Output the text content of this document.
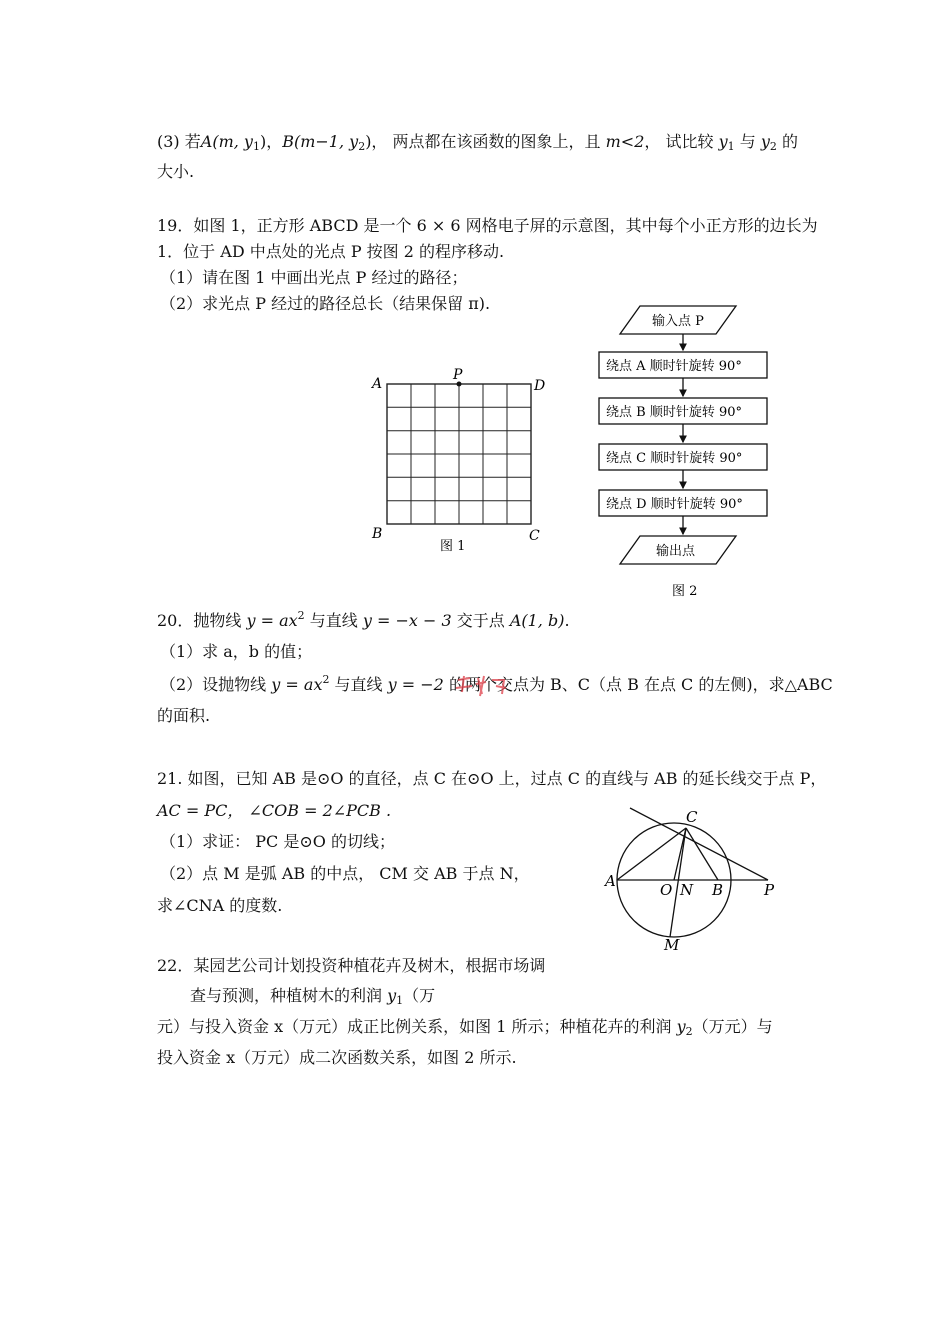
(3) 若A(m, $y_1$)，B(m−1, $y_2$)， 两点都在该函数的图象上，且 m<2， 试比较 $y_1$ 与 $y_2$ 的
大小.
19．如图 1，正方形 ABCD 是一个 6 × 6 网格电子屏的示意图，其中每个小正方形的边长为
1．位于 AD 中点处的光点 P 按图 2 的程序移动.
（1）请在图 1 中画出光点 P 经过的路径；
（2）求光点 P 经过的路径总长（结果保留 π).
A	D
P
B	C
图 1
输入点 P
绕点 A 顺时针旋转 90°
绕点 B 顺时针旋转 90°
绕点 C 顺时针旋转 90°
绕点 D 顺时针旋转 90°
输出点
图 2
20．抛物线 $y = ax^2$ 与直线 y = −x − 3 交于点 A(1, b).
（1）求 a，b 的值；
（2）设抛物线 $y = ax^2$ 与直线 y = −2 的两个交点为 B、C（点 B 在点 C 的左侧)，求△ABC
的面积.
21. 如图，已知 AB 是⊙O 的直径，点 C 在⊙O 上，过点 C 的直线与 AB 的延长线交于点 P，
AC = PC， ∠COB = 2∠PCB .
（1）求证： PC 是⊙O 的切线；
（2）点 M 是弧 AB 的中点， CM 交 AB 于点 N，
求∠CNA 的度数.
A	O N B	P
C
M
22．某园艺公司计划投资种植花卉及树木，根据市场调
查与预测，种植树木的利润 $y_1$（万
元）与投入资金 x（万元）成正比例关系，如图 1 所示；种植花卉的利润 $y_2$（万元）与
投入资金 x（万元）成二次函数关系，如图 2 所示.
